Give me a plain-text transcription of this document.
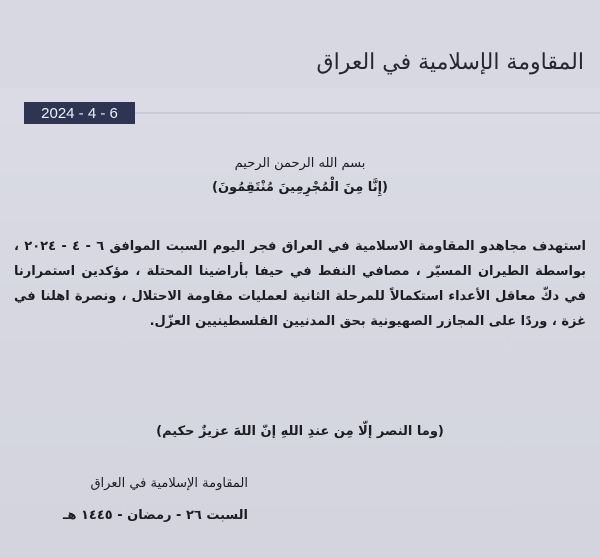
المقاومة الإسلامية في العراق
2024 - 4 - 6
بسم الله الرحمن الرحيم
(إِنَّا مِنَ الْمُجْرِمِينَ مُنْتَقِمُونَ)
استهدف مجاهدو المقاومة الاسلامية في العراق فجر اليوم السبت الموافق ٦ - ٤ - ٢٠٢٤ ، بواسطة الطيران المسيّر ، مصافي النفط في حيفا بأراضينا المحتلة ، مؤكدين استمرارنا في دكّ معاقل الأعداء استكمالاً للمرحلة الثانية لعمليات مقاومة الاحتلال ، ونصرة اهلنا في غزة ، وردًا على المجازر الصهيونية بحق المدنيين الفلسطينيين العزّل.
(وما النصر إلّا مِن عندِ اللهِ إنّ اللهَ عزيزٌ حكيم)
المقاومة الإسلامية في العراق
السبت ٢٦ - رمضان - ١٤٤٥ هـ
